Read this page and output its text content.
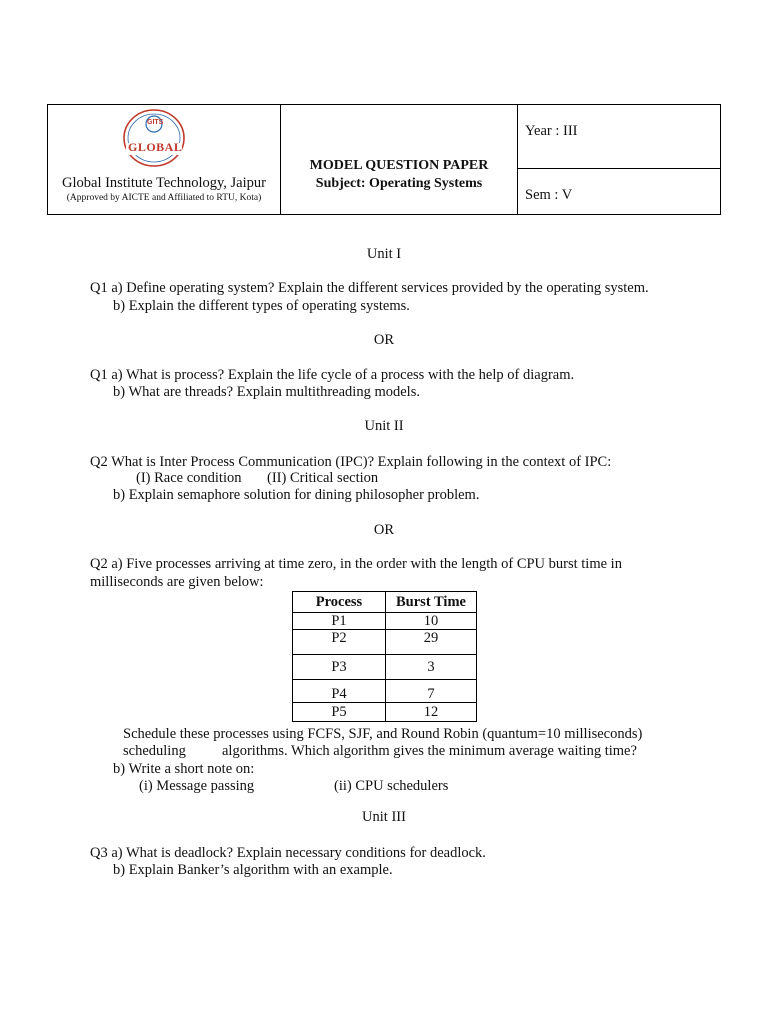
GITS
GLOBAL
Global Institute Technology, Jaipur
(Approved by AICTE and Affiliated to RTU, Kota)
MODEL QUESTION PAPER
Subject: Operating Systems
Year : III
Sem : V
Unit I
Q1 a) Define operating system? Explain the different services provided by the operating system.
b) Explain the different types of operating systems.
OR
Q1 a) What is process? Explain the life cycle of a process with the help of diagram.
b) What are threads? Explain multithreading models.
Unit II
Q2 What is Inter Process Communication (IPC)? Explain following in the context of IPC:
(I) Race condition (II) Critical section
b) Explain semaphore solution for dining philosopher problem.
OR
Q2 a) Five processes arriving at time zero, in the order with the length of CPU burst time in
milliseconds are given below:
Process	Burst Time
P1	10
P2	29
P3	3
P4	7
P5	12
Schedule these processes using FCFS, SJF, and Round Robin (quantum=10 milliseconds)
scheduling algorithms. Which algorithm gives the minimum average waiting time?
b) Write a short note on:
(i) Message passing	(ii) CPU schedulers
Unit III
Q3 a) What is deadlock? Explain necessary conditions for deadlock.
b) Explain Banker’s algorithm with an example.
